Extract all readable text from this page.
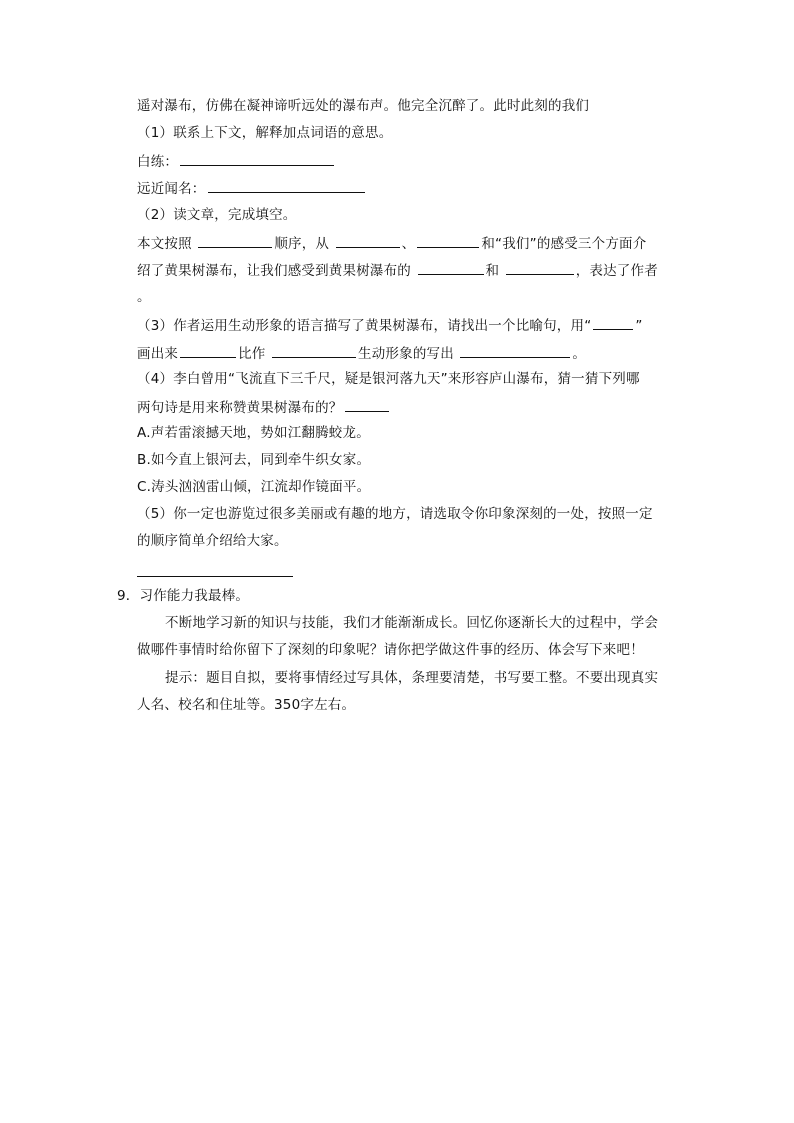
遥对瀑布，仿佛在凝神谛听远处的瀑布声。他完全沉醉了。此时此刻的我们
（1）联系上下文，解释加点词语的意思。
白练：
远近闻名：
（2）读文章，完成填空。
本文按照	顺序，从	、	和“我们”的感受三个方面介
绍了黄果树瀑布，让我们感受到黄果树瀑布的	和	，表达了作者
。
（3）作者运用生动形象的语言描写了黄果树瀑布，请找出一个比喻句，用“	”
画出来	比作	生动形象的写出	。
（4）李白曾用“飞流直下三千尺，疑是银河落九天”来形容庐山瀑布，猜一猜下列哪
两句诗是用来称赞黄果树瀑布的？
A.声若雷滚撼天地，势如江翻腾蛟龙。
B.如今直上银河去，同到牵牛织女家。
C.涛头汹汹雷山倾，江流却作镜面平。
（5）你一定也游览过很多美丽或有趣的地方，请选取令你印象深刻的一处，按照一定
的顺序简单介绍给大家。
9．习作能力我最棒。
不断地学习新的知识与技能，我们才能渐渐成长。回忆你逐渐长大的过程中，学会
做哪件事情时给你留下了深刻的印象呢？请你把学做这件事的经历、体会写下来吧！
提示：题目自拟，要将事情经过写具体，条理要清楚，书写要工整。不要出现真实
人名、校名和住址等。350字左右。
